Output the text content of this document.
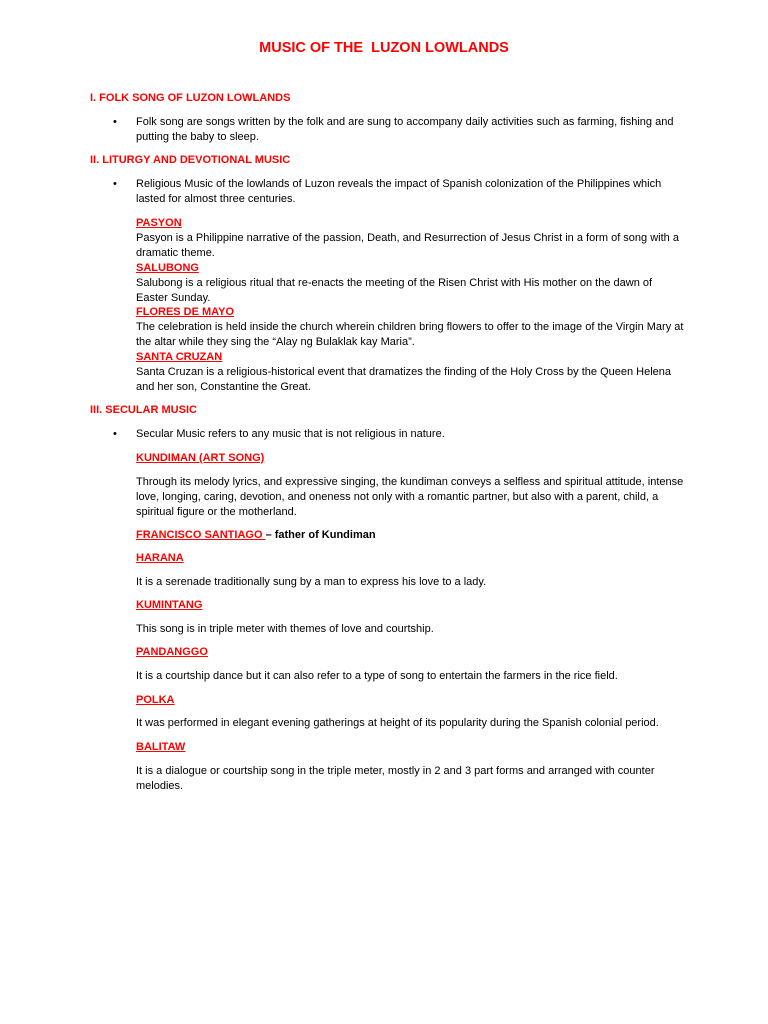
MUSIC OF THE  LUZON LOWLANDS
I. FOLK SONG OF LUZON LOWLANDS
•	Folk song are songs written by the folk and are sung to accompany daily activities such as farming, fishing and putting the baby to sleep.
II. LITURGY AND DEVOTIONAL MUSIC
•	Religious Music of the lowlands of Luzon reveals the impact of Spanish colonization of the Philippines which lasted for almost three centuries.
PASYON
Pasyon is a Philippine narrative of the passion, Death, and Resurrection of Jesus Christ in a form of song with a dramatic theme.
SALUBONG
Salubong is a religious ritual that re-enacts the meeting of the Risen Christ with His mother on the dawn of Easter Sunday.
FLORES DE MAYO
The celebration is held inside the church wherein children bring flowers to offer to the image of the Virgin Mary at the altar while they sing the “Alay ng Bulaklak kay Maria”.
SANTA CRUZAN
Santa Cruzan is a religious-historical event that dramatizes the finding of the Holy Cross by the Queen Helena and her son, Constantine the Great.
III. SECULAR MUSIC
•	Secular Music refers to any music that is not religious in nature.
KUNDIMAN (ART SONG)
Through its melody lyrics, and expressive singing, the kundiman conveys a selfless and spiritual attitude, intense love, longing, caring, devotion, and oneness not only with a romantic partner, but also with a parent, child, a spiritual figure or the motherland.
FRANCISCO SANTIAGO – father of Kundiman
HARANA
It is a serenade traditionally sung by a man to express his love to a lady.
KUMINTANG
This song is in triple meter with themes of love and courtship.
PANDANGGO
It is a courtship dance but it can also refer to a type of song to entertain the farmers in the rice field.
POLKA
It was performed in elegant evening gatherings at height of its popularity during the Spanish colonial period.
BALITAW
It is a dialogue or courtship song in the triple meter, mostly in 2 and 3 part forms and arranged with counter melodies.
